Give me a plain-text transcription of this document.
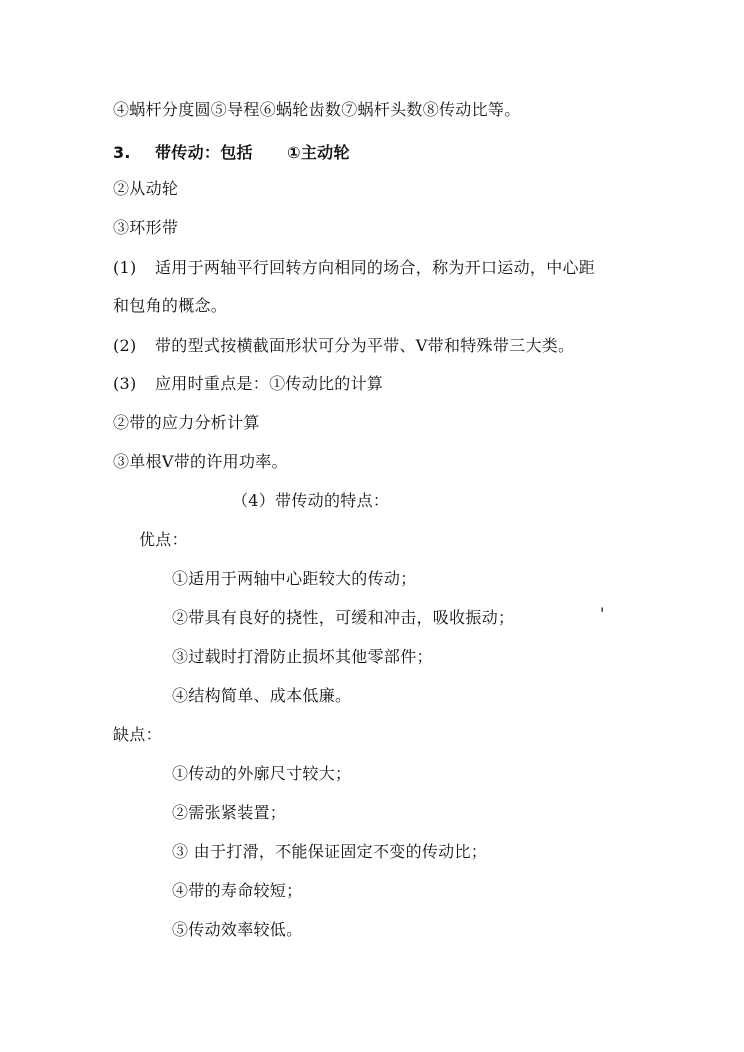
④蜗杆分度圆⑤导程⑥蜗轮齿数⑦蜗杆头数⑧传动比等。
3. 带传动：包括 ①主动轮
②从动轮
③环形带
(1) 适用于两轴平行回转方向相同的场合，称为开口运动，中心距
和包角的概念。
(2) 带的型式按横截面形状可分为平带、V带和特殊带三大类。
(3) 应用时重点是：①传动比的计算
②带的应力分析计算
③单根V带的许用功率。
（4）带传动的特点：
优点：
①适用于两轴中心距较大的传动；
②带具有良好的挠性，可缓和冲击，吸收振动；	'
③过载时打滑防止损坏其他零部件；
④结构简单、成本低廉。
缺点：
①传动的外廓尺寸较大；
②需张紧装置；
③ 由于打滑，不能保证固定不变的传动比；
④带的寿命较短；
⑤传动效率较低。
